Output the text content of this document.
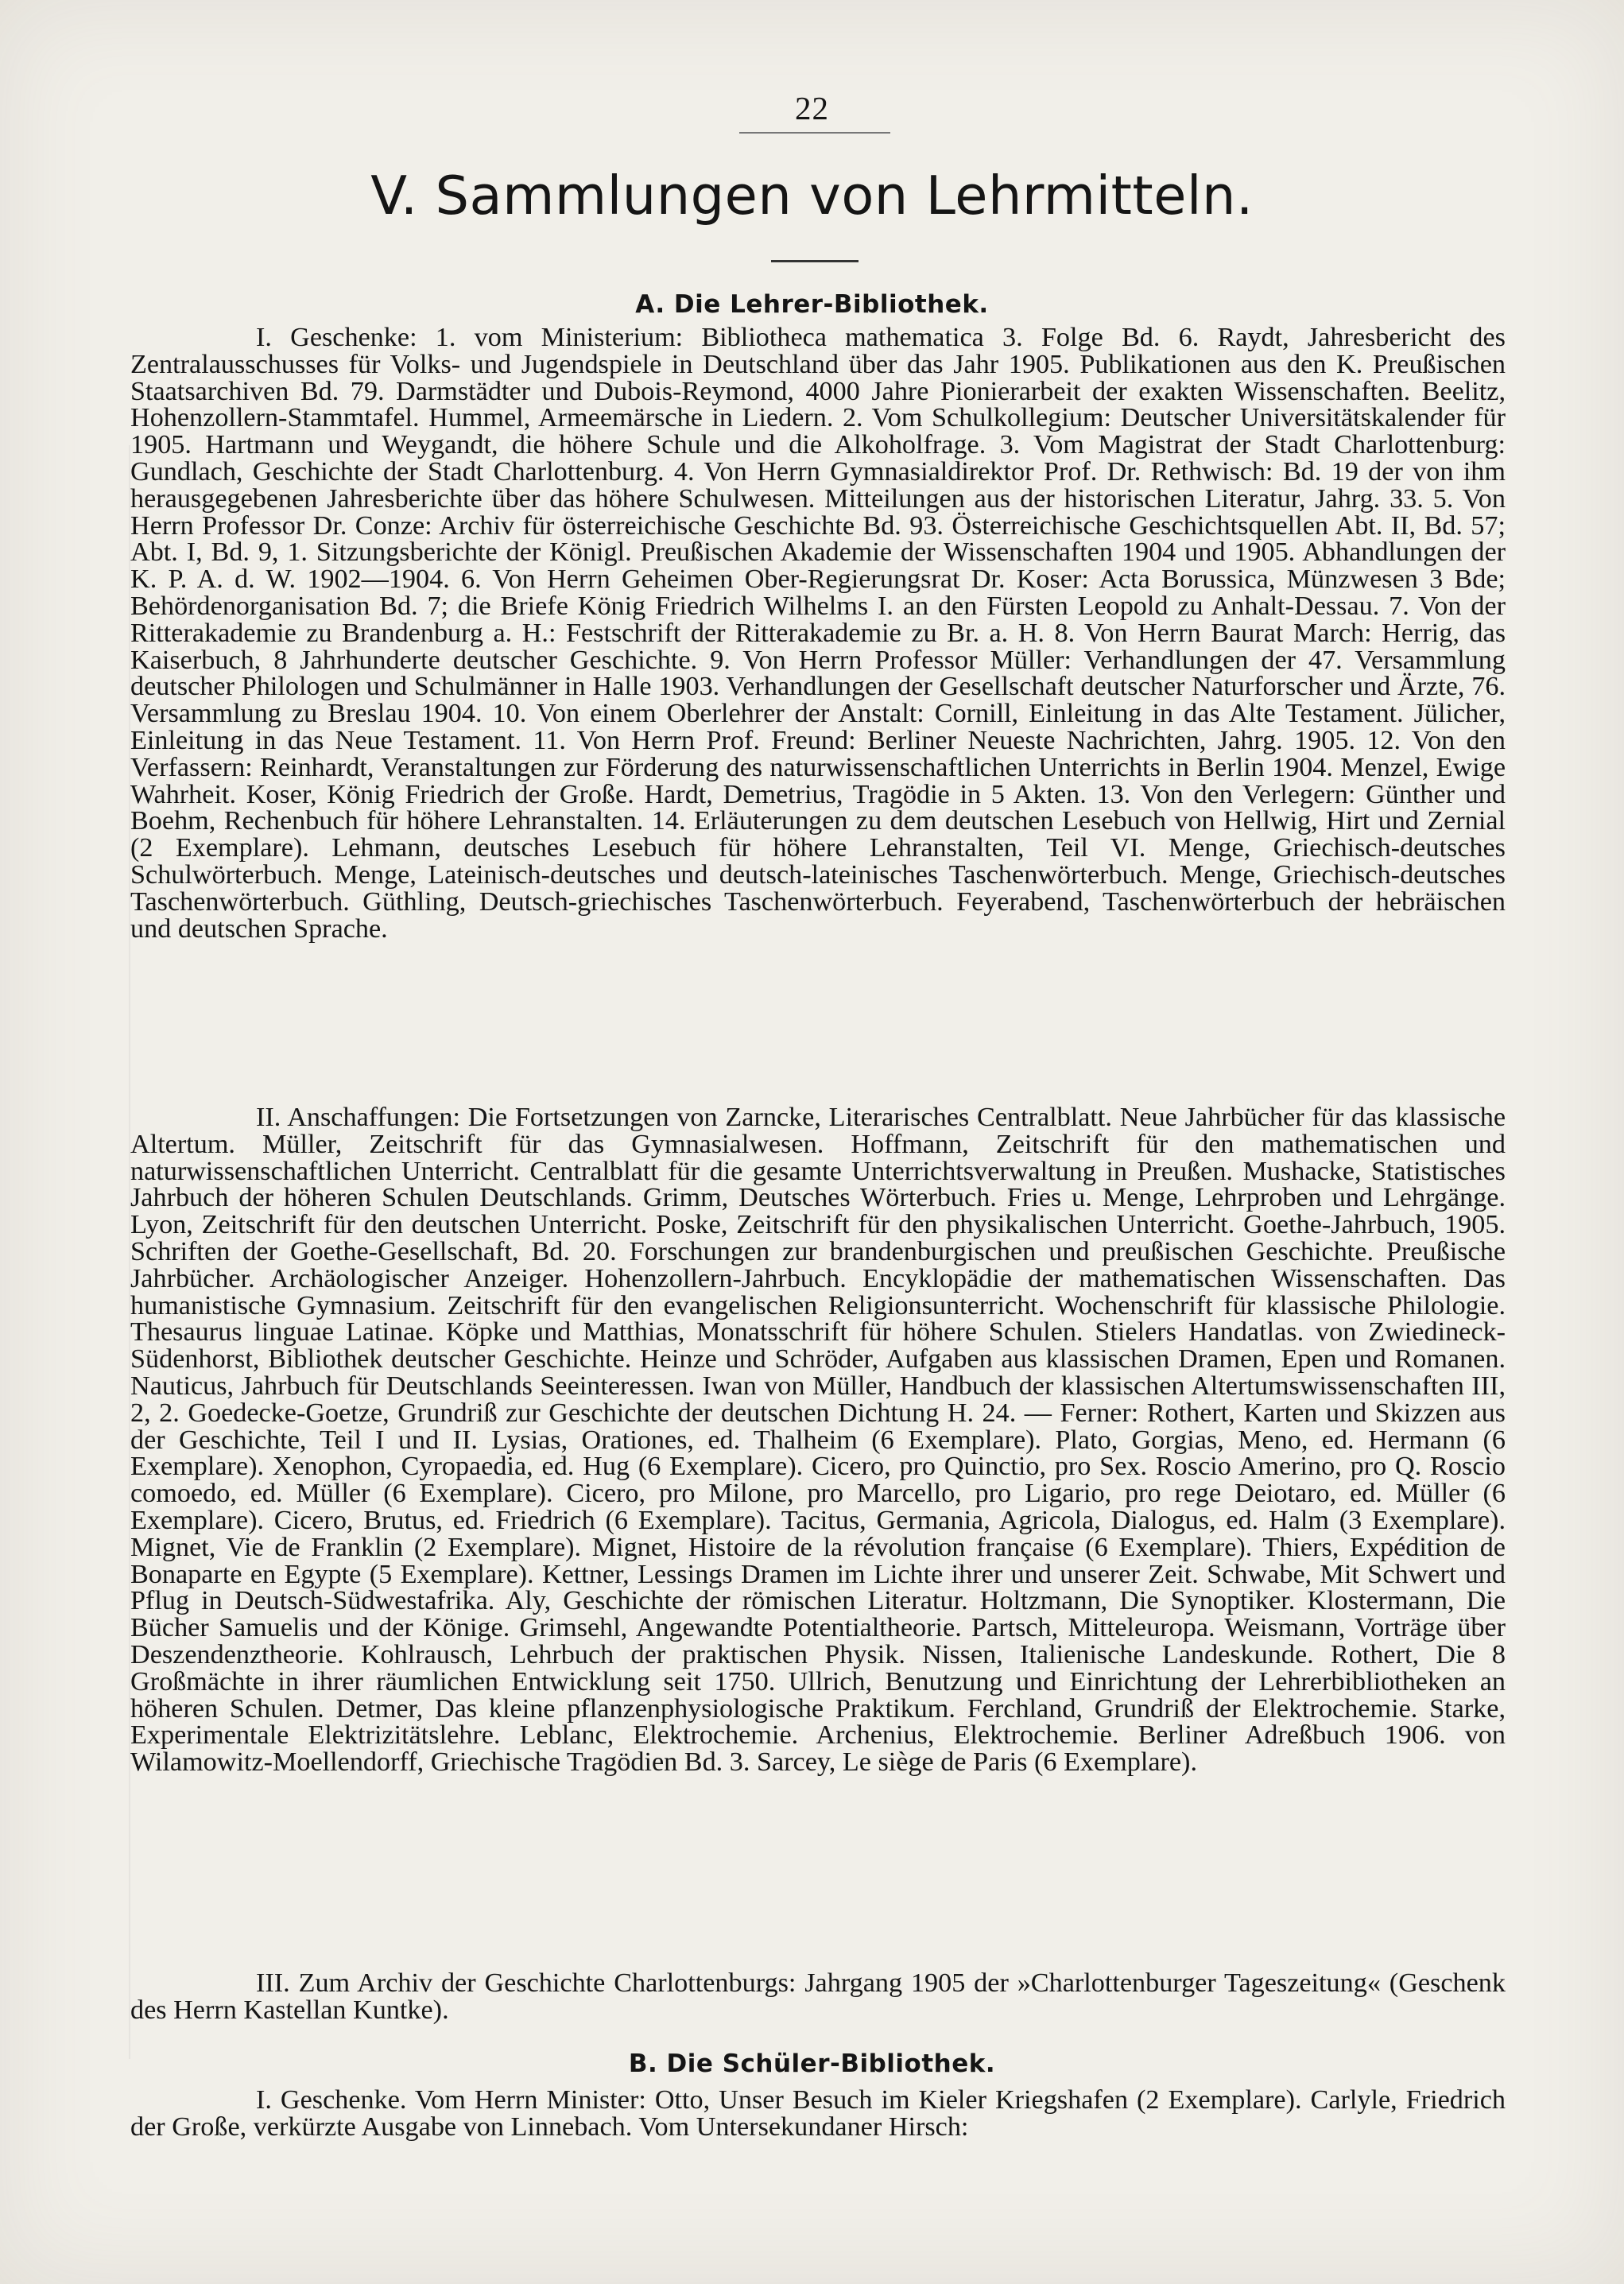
22
V. Sammlungen von Lehrmitteln.
A. Die Lehrer-Bibliothek.

I. Geschenke: 1. vom Ministerium: Bibliotheca mathematica 3. Folge Bd. 6. Raydt, Jahresbericht des Zentralausschusses für Volks- und Jugendspiele in Deutschland über das Jahr 1905. Publikationen aus den K. Preußischen Staatsarchiven Bd. 79. Darmstädter und Dubois-Reymond, 4000 Jahre Pionierarbeit der exakten Wissenschaften. Beelitz, Hohenzollern-Stammtafel. Hummel, Armeemärsche in Liedern. 2. Vom Schulkollegium: Deutscher Universitätskalender für 1905. Hartmann und Weygandt, die höhere Schule und die Alkoholfrage. 3. Vom Magistrat der Stadt Charlottenburg: Gundlach, Geschichte der Stadt Charlottenburg. 4. Von Herrn Gymnasialdirektor Prof. Dr. Rethwisch: Bd. 19 der von ihm herausgegebenen Jahresberichte über das höhere Schulwesen. Mitteilungen aus der historischen Literatur, Jahrg. 33. 5. Von Herrn Professor Dr. Conze: Archiv für österreichische Geschichte Bd. 93. Österreichische Geschichtsquellen Abt. II, Bd. 57; Abt. I, Bd. 9, 1. Sitzungsberichte der Königl. Preußischen Akademie der Wissenschaften 1904 und 1905. Abhandlungen der K. P. A. d. W. 1902—1904. 6. Von Herrn Geheimen Ober-Regierungsrat Dr. Koser: Acta Borussica, Münzwesen 3 Bde; Behördenorganisation Bd. 7; die Briefe König Friedrich Wilhelms I. an den Fürsten Leopold zu Anhalt-Dessau. 7. Von der Ritterakademie zu Brandenburg a. H.: Festschrift der Ritterakademie zu Br. a. H. 8. Von Herrn Baurat March: Herrig, das Kaiserbuch, 8 Jahrhunderte deutscher Geschichte. 9. Von Herrn Professor Müller: Verhandlungen der 47. Versammlung deutscher Philologen und Schulmänner in Halle 1903. Verhandlungen der Gesellschaft deutscher Naturforscher und Ärzte, 76. Versammlung zu Breslau 1904. 10. Von einem Oberlehrer der Anstalt: Cornill, Einleitung in das Alte Testament. Jülicher, Einleitung in das Neue Testament. 11. Von Herrn Prof. Freund: Berliner Neueste Nachrichten, Jahrg. 1905. 12. Von den Verfassern: Reinhardt, Veranstaltungen zur Förderung des naturwissenschaftlichen Unterrichts in Berlin 1904. Menzel, Ewige Wahrheit. Koser, König Friedrich der Große. Hardt, Demetrius, Tragödie in 5 Akten. 13. Von den Verlegern: Günther und Boehm, Rechenbuch für höhere Lehranstalten. 14. Erläuterungen zu dem deutschen Lesebuch von Hellwig, Hirt und Zernial (2 Exemplare). Lehmann, deutsches Lesebuch für höhere Lehranstalten, Teil VI. Menge, Griechisch-deutsches Schulwörterbuch. Menge, Lateinisch-deutsches und deutsch-lateinisches Taschenwörterbuch. Menge, Griechisch-deutsches Taschenwörterbuch. Güthling, Deutsch-griechisches Taschenwörterbuch. Feyerabend, Taschenwörterbuch der hebräischen und deutschen Sprache.

II. Anschaffungen: Die Fortsetzungen von Zarncke, Literarisches Centralblatt. Neue Jahrbücher für das klassische Altertum. Müller, Zeitschrift für das Gymnasialwesen. Hoffmann, Zeitschrift für den mathematischen und naturwissenschaftlichen Unterricht. Centralblatt für die gesamte Unterrichtsverwaltung in Preußen. Mushacke, Statistisches Jahrbuch der höheren Schulen Deutschlands. Grimm, Deutsches Wörterbuch. Fries u. Menge, Lehrproben und Lehrgänge. Lyon, Zeitschrift für den deutschen Unterricht. Poske, Zeitschrift für den physikalischen Unterricht. Goethe-Jahrbuch, 1905. Schriften der Goethe-Gesellschaft, Bd. 20. Forschungen zur brandenburgischen und preußischen Geschichte. Preußische Jahrbücher. Archäologischer Anzeiger. Hohenzollern-Jahrbuch. Encyklopädie der mathematischen Wissenschaften. Das humanistische Gymnasium. Zeitschrift für den evangelischen Religionsunterricht. Wochenschrift für klassische Philologie. Thesaurus linguae Latinae. Köpke und Matthias, Monatsschrift für höhere Schulen. Stielers Handatlas. von Zwiedineck-Südenhorst, Bibliothek deutscher Geschichte. Heinze und Schröder, Aufgaben aus klassischen Dramen, Epen und Romanen. Nauticus, Jahrbuch für Deutschlands Seeinteressen. Iwan von Müller, Handbuch der klassischen Altertumswissenschaften III, 2, 2. Goedecke-Goetze, Grundriß zur Geschichte der deutschen Dichtung H. 24. — Ferner: Rothert, Karten und Skizzen aus der Geschichte, Teil I und II. Lysias, Orationes, ed. Thalheim (6 Exemplare). Plato, Gorgias, Meno, ed. Hermann (6 Exemplare). Xenophon, Cyropaedia, ed. Hug (6 Exemplare). Cicero, pro Quinctio, pro Sex. Roscio Amerino, pro Q. Roscio comoedo, ed. Müller (6 Exemplare). Cicero, pro Milone, pro Marcello, pro Ligario, pro rege Deiotaro, ed. Müller (6 Exemplare). Cicero, Brutus, ed. Friedrich (6 Exemplare). Tacitus, Germania, Agricola, Dialogus, ed. Halm (3 Exemplare). Mignet, Vie de Franklin (2 Exemplare). Mignet, Histoire de la révolution française (6 Exemplare). Thiers, Expédition de Bonaparte en Egypte (5 Exemplare). Kettner, Lessings Dramen im Lichte ihrer und unserer Zeit. Schwabe, Mit Schwert und Pflug in Deutsch-Südwestafrika. Aly, Geschichte der römischen Literatur. Holtzmann, Die Synoptiker. Klostermann, Die Bücher Samuelis und der Könige. Grimsehl, Angewandte Potentialtheorie. Partsch, Mitteleuropa. Weismann, Vorträge über Deszendenztheorie. Kohlrausch, Lehrbuch der praktischen Physik. Nissen, Italienische Landeskunde. Rothert, Die 8 Großmächte in ihrer räumlichen Entwicklung seit 1750. Ullrich, Benutzung und Einrichtung der Lehrerbibliotheken an höheren Schulen. Detmer, Das kleine pflanzenphysiologische Praktikum. Ferchland, Grundriß der Elektrochemie. Starke, Experimentale Elektrizitätslehre. Leblanc, Elektrochemie. Archenius, Elektrochemie. Berliner Adreßbuch 1906. von Wilamowitz-Moellendorff, Griechische Tragödien Bd. 3. Sarcey, Le siège de Paris (6 Exemplare).

III. Zum Archiv der Geschichte Charlottenburgs: Jahrgang 1905 der »Charlottenburger Tageszeitung« (Geschenk des Herrn Kastellan Kuntke).

B. Die Schüler-Bibliothek.

I. Geschenke. Vom Herrn Minister: Otto, Unser Besuch im Kieler Kriegshafen (2 Exemplare). Carlyle, Friedrich der Große, verkürzte Ausgabe von Linnebach. Vom Untersekundaner Hirsch:
